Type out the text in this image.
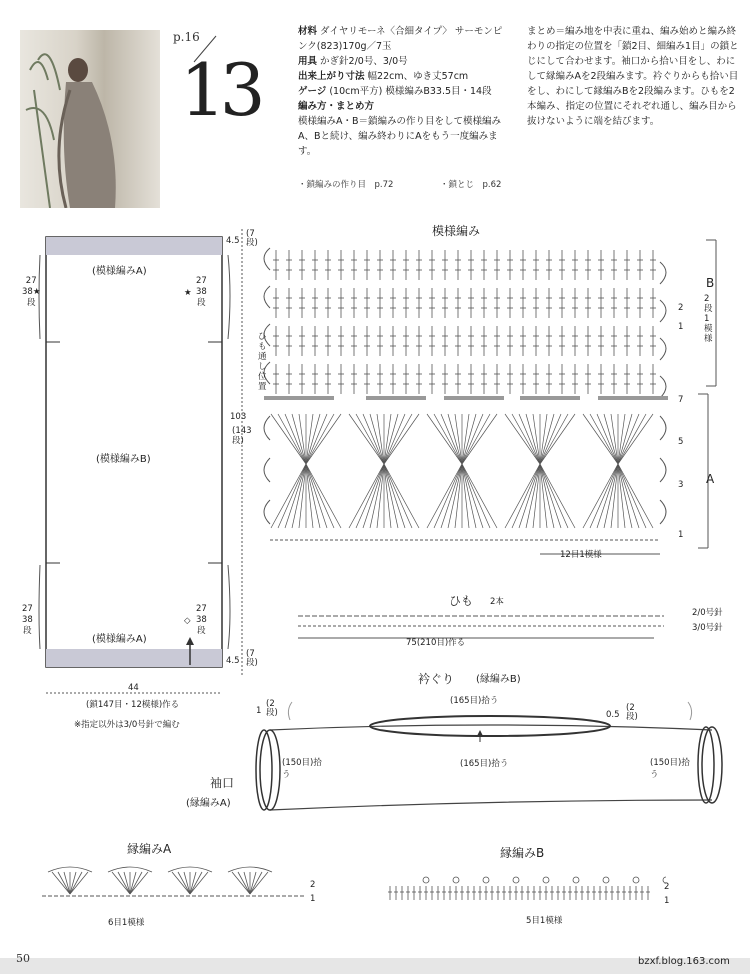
p.16
13
材料 ダイヤリモーネ〈合細タイプ〉 サーモンピンク(823)170g／7玉
用具 かぎ針2/0号、3/0号
出来上がり寸法 幅22cm、ゆき丈57cm
ゲージ (10cm平方) 模様編みB33.5目・14段
編み方・まとめ方
模様編みA・B＝鎖編みの作り目をして模様編みA、Bと続け、編み終わりにAをもう一度編みます。
まとめ＝編み地を中表に重ね、編み始めと編み終わりの指定の位置を「鎖2目、細編み1目」の鎖とじにして合わせます。袖口から拾い目をし、わにして縁編みAを2段編みます。衿ぐりからも拾い目をし、わにして縁編みBを2段編みます。ひもを2本編み、指定の位置にそれぞれ通し、編み目から抜けないように端を結びます。
・鎖編みの作り目　p.72	・鎖とじ　p.62
(模様編みA)
(模様編みB)
(模様編みA)
27
38★
段
27
38
段
★
27
38
段
27
38
段
◇
4.5
(7段)
103
(143段)
4.5
(7段)
44
(鎖147目・12模様)作る
※指定以外は3/0号針で編む
模様編み
ひも通し位置
B
2段1模様
A
12目1模様
2
1
7
5
3
1
ひも 2本
2/0号針
3/0号針
75(210目)作る
衿ぐり (縁編みB)
(165目)拾う
(165目)拾う
0.5
(2段)
1
(2段)
(150目)拾う
(150目)拾う
袖口
(縁編みA)
縁編みA
2
1
6目1模様
縁編みB
2
1
5目1模様
50	bzxf.blog.163.com
